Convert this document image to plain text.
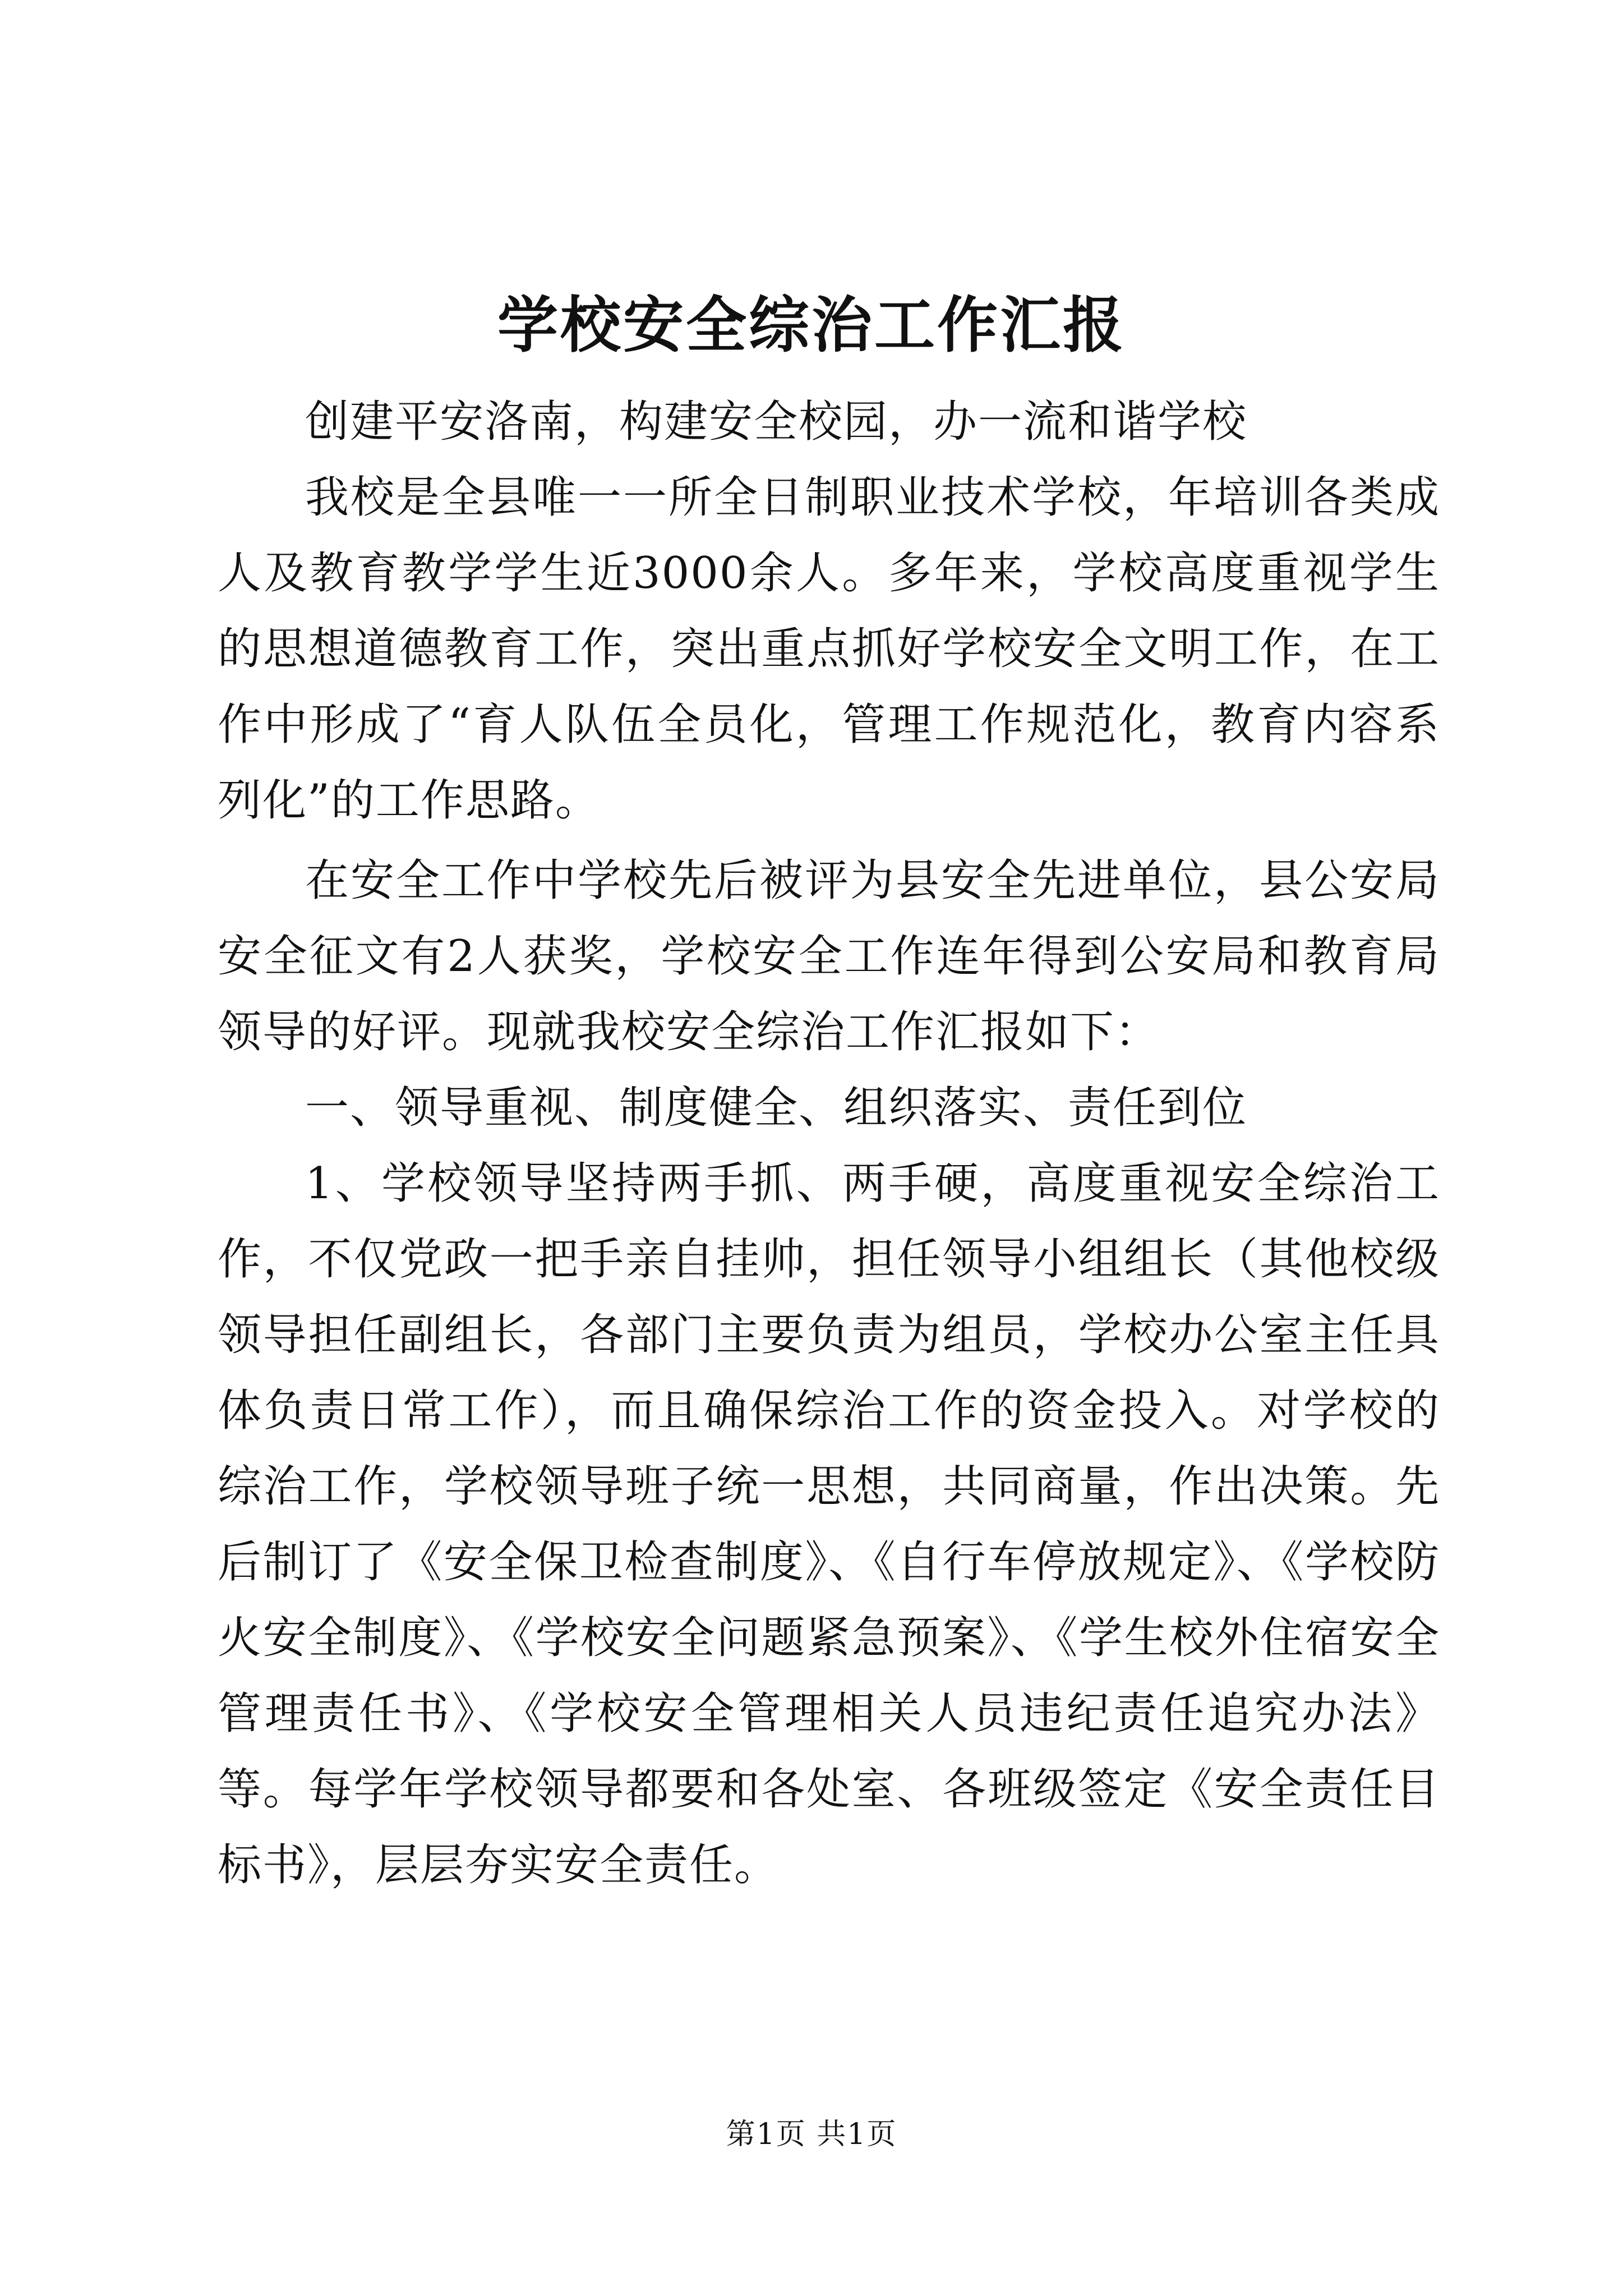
学校安全综治工作汇报

创建平安洛南，构建安全校园，办一流和谐学校

我校是全县唯一一所全日制职业技术学校，年培训各类成人及教育教学学生近3000余人。多年来，学校高度重视学生的思想道德教育工作，突出重点抓好学校安全文明工作，在工作中形成了“育人队伍全员化，管理工作规范化，教育内容系列化”的工作思路。

在安全工作中学校先后被评为县安全先进单位，县公安局安全征文有2人获奖，学校安全工作连年得到公安局和教育局领导的好评。现就我校安全综治工作汇报如下：

一、领导重视、制度健全、组织落实、责任到位

1、学校领导坚持两手抓、两手硬，高度重视安全综治工作，不仅党政一把手亲自挂帅，担任领导小组组长（其他校级领导担任副组长，各部门主要负责为组员，学校办公室主任具体负责日常工作），而且确保综治工作的资金投入。对学校的综治工作，学校领导班子统一思想，共同商量，作出决策。先后制订了《安全保卫检查制度》、《自行车停放规定》、《学校防火安全制度》、《学校安全问题紧急预案》、《学生校外住宿安全管理责任书》、《学校安全管理相关人员违纪责任追究办法》等。每学年学校领导都要和各处室、各班级签定《安全责任目标书》，层层夯实安全责任。

第1页 共1页
